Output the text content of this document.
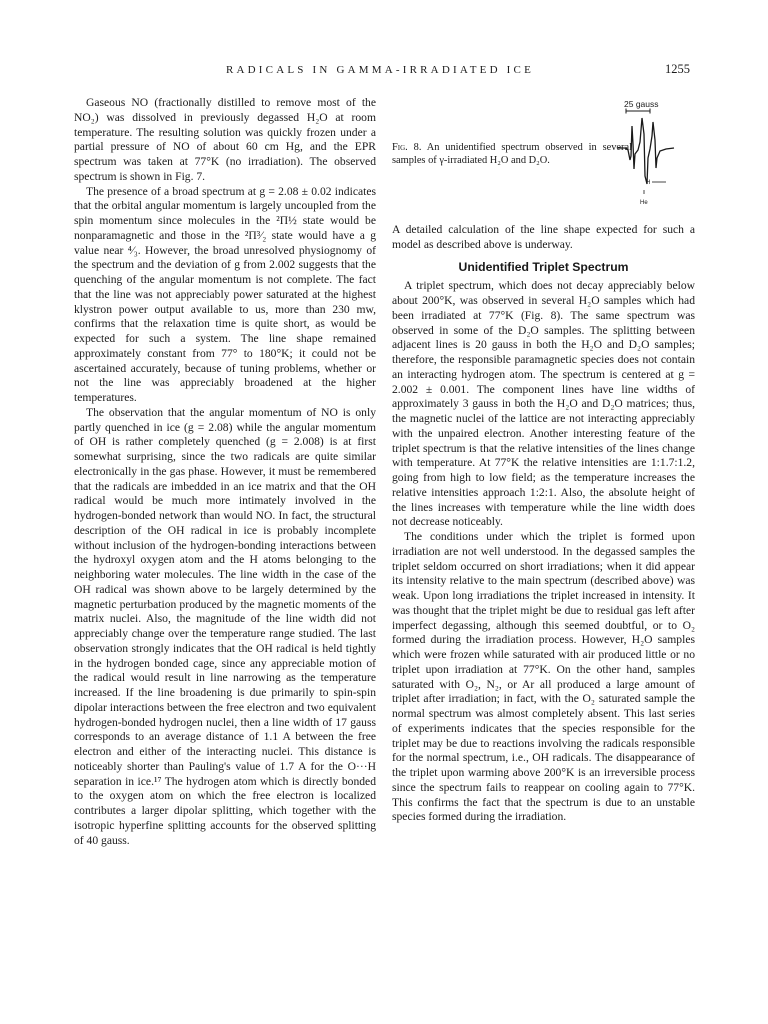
RADICALS IN GAMMA-IRRADIATED ICE	1255

Gaseous NO (fractionally distilled to remove most of the NO₂) was dissolved in previously degassed H₂O at room temperature. The resulting solution was quickly frozen under a partial pressure of NO of about 60 cm Hg, and the EPR spectrum was taken at 77°K (no irradiation). The observed spectrum is shown in Fig. 7.

The presence of a broad spectrum at g = 2.08 ± 0.02 indicates that the orbital angular momentum is largely uncoupled from the spin momentum since molecules in the ²Π½ state would be nonparamagnetic and those in the ²Π³⁄₂ state would have a g value near ⁴⁄₃. However, the broad unresolved physiognomy of the spectrum and the deviation of g from 2.002 suggests that the quenching of the angular momentum is not complete. The fact that the line was not appreciably power saturated at the highest klystron power output available to us, more than 230 mw, confirms that the relaxation time is quite short, as would be expected for such a system. The line shape remained approximately constant from 77° to 180°K; it could not be ascertained accurately, because of tuning problems, whether or not the line was appreciably broadened at the higher temperatures.

The observation that the angular momentum of NO is only partly quenched in ice (g = 2.08) while the angular momentum of OH is rather completely quenched (g = 2.008) is at first somewhat surprising, since the two radicals are quite similar electronically in the gas phase. However, it must be remembered that the radicals are imbedded in an ice matrix and that the OH radical would be much more intimately involved in the hydrogen-bonded network than would NO. In fact, the structural description of the OH radical in ice is probably incomplete without inclusion of the hydrogen-bonding interactions between the hydroxyl oxygen atom and the H atoms belonging to the neighboring water molecules. The line width in the case of the OH radical was shown above to be largely determined by the magnetic perturbation produced by the magnetic moments of the matrix nuclei. Also, the magnitude of the line width did not appreciably change over the temperature range studied. The last observation strongly indicates that the OH radical is held tightly in the hydrogen bonded cage, since any appreciable motion of the radical would result in line narrowing as the temperature increased. If the line broadening is due primarily to spin-spin dipolar interactions between the free electron and two equivalent hydrogen-bonded hydrogen nuclei, then a line width of 17 gauss corresponds to an average distance of 1.1 A between the free electron and either of the interacting nuclei. This distance is noticeably shorter than Pauling's value of 1.7 A for the O···H separation in ice.¹⁷ The hydrogen atom which is directly bonded to the oxygen atom on which the free electron is localized contributes a larger dipolar splitting, which together with the isotropic hyperfine splitting accounts for the observed splitting of 40 gauss.

Fig. 8. An unidentified spectrum observed in several samples of γ-irradiated H₂O and D₂O.
25 gauss
H
He

A detailed calculation of the line shape expected for such a model as described above is underway.

Unidentified Triplet Spectrum

A triplet spectrum, which does not decay appreciably below about 200°K, was observed in several H₂O samples which had been irradiated at 77°K (Fig. 8). The same spectrum was observed in some of the D₂O samples. The splitting between adjacent lines is 20 gauss in both the H₂O and D₂O samples; therefore, the responsible paramagnetic species does not contain an interacting hydrogen atom. The spectrum is centered at g = 2.002 ± 0.001. The component lines have line widths of approximately 3 gauss in both the H₂O and D₂O matrices; thus, the magnetic nuclei of the lattice are not interacting appreciably with the unpaired electron. Another interesting feature of the triplet spectrum is that the relative intensities of the lines change with temperature. At 77°K the relative intensities are 1:1.7:1.2, going from high to low field; as the temperature increases the relative intensities approach 1:2:1. Also, the absolute height of the lines increases with temperature while the line width does not decrease noticeably.

The conditions under which the triplet is formed upon irradiation are not well understood. In the degassed samples the triplet seldom occurred on short irradiations; when it did appear its intensity relative to the main spectrum (described above) was weak. Upon long irradiations the triplet increased in intensity. It was thought that the triplet might be due to residual gas left after imperfect degassing, although this seemed doubtful, or to O₂ formed during the irradiation process. However, H₂O samples which were frozen while saturated with air produced little or no triplet upon irradiation at 77°K. On the other hand, samples saturated with O₂, N₂, or Ar all produced a large amount of triplet after irradiation; in fact, with the O₂ saturated sample the normal spectrum was almost completely absent. This last series of experiments indicates that the species responsible for the triplet may be due to reactions involving the radicals responsible for the normal spectrum, i.e., OH radicals. The disappearance of the triplet upon warming above 200°K is an irreversible process since the spectrum fails to reappear on cooling again to 77°K. This confirms the fact that the spectrum is due to an unstable species formed during the irradiation.
